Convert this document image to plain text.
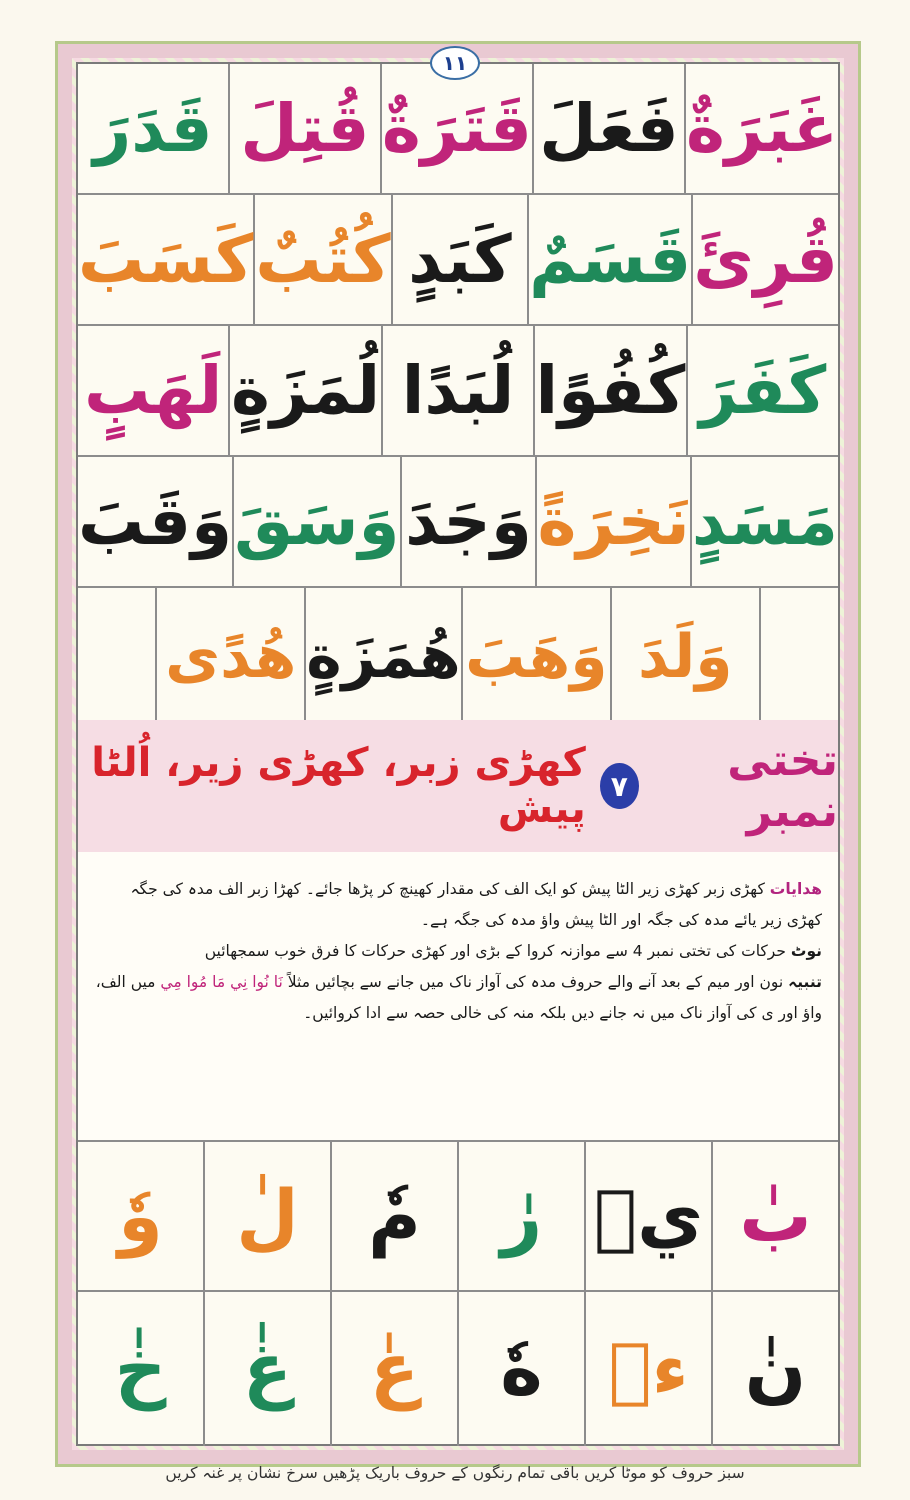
١١
غَبَرَةٌ
فَعَلَ
قَتَرَةٌ
قُتِلَ
قَدَرَ
قُرِئَ
قَسَمٌ
كَبَدٍ
كُتُبٌ
كَسَبَ
كَفَرَ
كُفُوًا
لُبَدًا
لُمَزَةٍ
لَهَبٍ
مَسَدٍ
نَخِرَةً
وَجَدَ
وَسَقَ
وَقَبَ
وَلَدَ
وَهَبَ
هُمَزَةٍ
هُدًى
تختی نمبر
٧
کھڑی زبر، کھڑی زیر، اُلٹا پیش

ھدایات کھڑی زبر کھڑی زیر الٹا پیش کو ایک الف کی مقدار کھینچ کر پڑھا جائے۔ کھڑا زبر الف مدہ کی جگہ کھڑی زیر یائے مدہ کی جگہ اور الٹا پیش واؤ مدہ کی جگہ ہے۔

نوٹ حرکات کی تختی نمبر 4 سے موازنہ کروا کے بڑی اور کھڑی حرکات کا فرق خوب سمجھائیں

تنبیہ نون اور میم کے بعد آنے والے حروف مدہ کی آواز ناک میں جانے سے بچائیں مثلاً نَا نُوا نِي مَا مُوا مِي میں الف، واؤ اور ی کی آواز ناک میں نہ جانے دیں بلکہ منہ کی خالی حصہ سے ادا کروائیں۔

بٰ
يٖ
رٰ
مٗ
لٰ
وٗ
نٰ
ءٖ
هٗ
عٰ
غٰ
خٰ
سبز حروف کو موٹا کریں باقی تمام رنگوں کے حروف باریک پڑھیں سرخ نشان پر غنہ کریں
